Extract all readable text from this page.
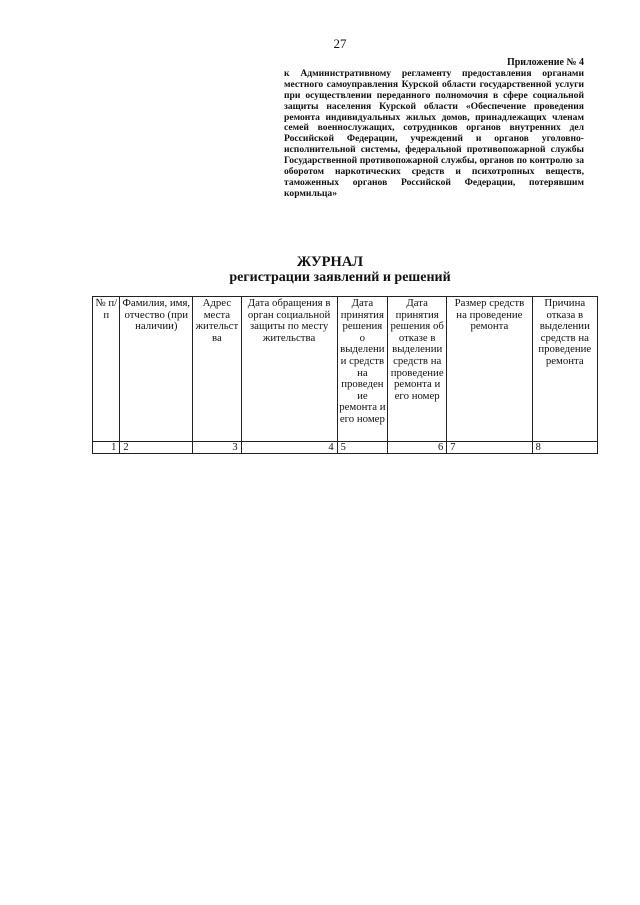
27

Приложение № 4

к Административному регламенту предоставления органами местного самоуправления Курской области государственной услуги при осуществлении переданного полномочия в сфере социальной защиты населения Курской области «Обеспечение проведения ремонта индивидуальных жилых домов, принадлежащих членам семей военнослужащих, сотрудников органов внутренних дел Российской Федерации, учреждений и органов уголовно-исполнительной системы, федеральной противопожарной службы Государственной противопожарной службы, органов по контролю за оборотом наркотических средств и психотропных веществ, таможенных органов Российской Федерации, потерявшим кормильца»

ЖУРНАЛ
регистрации заявлений и решений
№ п/п	Фамилия, имя, отчество (при наличии)	Адрес места жительства	Дата обращения в орган социальной защиты по месту жительства	Дата принятия решения о выделении средств на проведение ремонта и его номер	Дата принятия решения об отказе в выделении средств на проведение ремонта и его номер	Размер средств на проведение ремонта	Причина отказа в выделении средств на проведение ремонта
1	2	3	4	5	6	7	8
